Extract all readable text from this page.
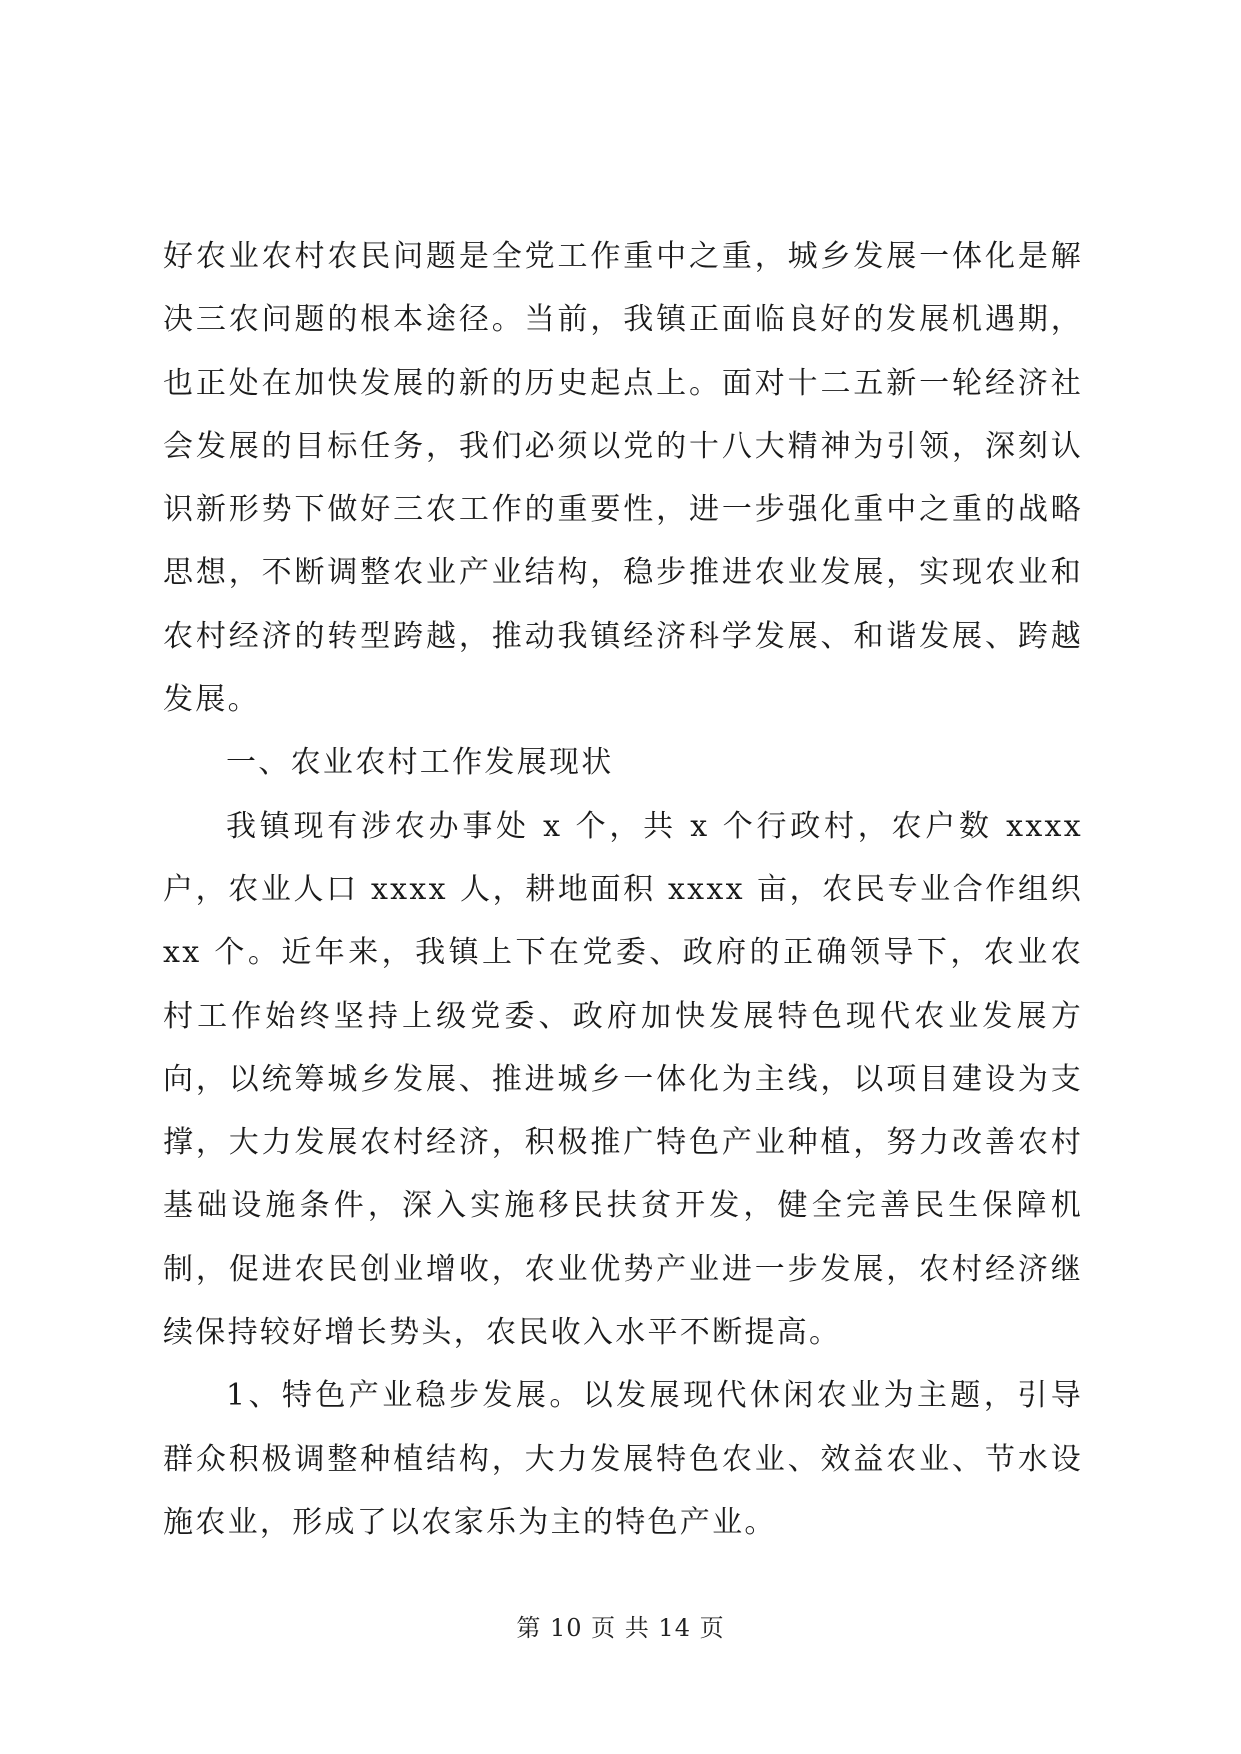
好农业农村农民问题是全党工作重中之重，城乡发展一体化是解决三农问题的根本途径。当前，我镇正面临良好的发展机遇期，也正处在加快发展的新的历史起点上。面对十二五新一轮经济社会发展的目标任务，我们必须以党的十八大精神为引领，深刻认识新形势下做好三农工作的重要性，进一步强化重中之重的战略思想，不断调整农业产业结构，稳步推进农业发展，实现农业和农村经济的转型跨越，推动我镇经济科学发展、和谐发展、跨越发展。

一、农业农村工作发展现状

我镇现有涉农办事处 x 个，共 x 个行政村，农户数 xxxx 户，农业人口 xxxx 人，耕地面积 xxxx 亩，农民专业合作组织 xx 个。近年来，我镇上下在党委、政府的正确领导下，农业农村工作始终坚持上级党委、政府加快发展特色现代农业发展方向，以统筹城乡发展、推进城乡一体化为主线，以项目建设为支撑，大力发展农村经济，积极推广特色产业种植，努力改善农村基础设施条件，深入实施移民扶贫开发，健全完善民生保障机制，促进农民创业增收，农业优势产业进一步发展，农村经济继续保持较好增长势头，农民收入水平不断提高。

1、特色产业稳步发展。以发展现代休闲农业为主题，引导群众积极调整种植结构，大力发展特色农业、效益农业、节水设施农业，形成了以农家乐为主的特色产业。

第 10 页 共 14 页
